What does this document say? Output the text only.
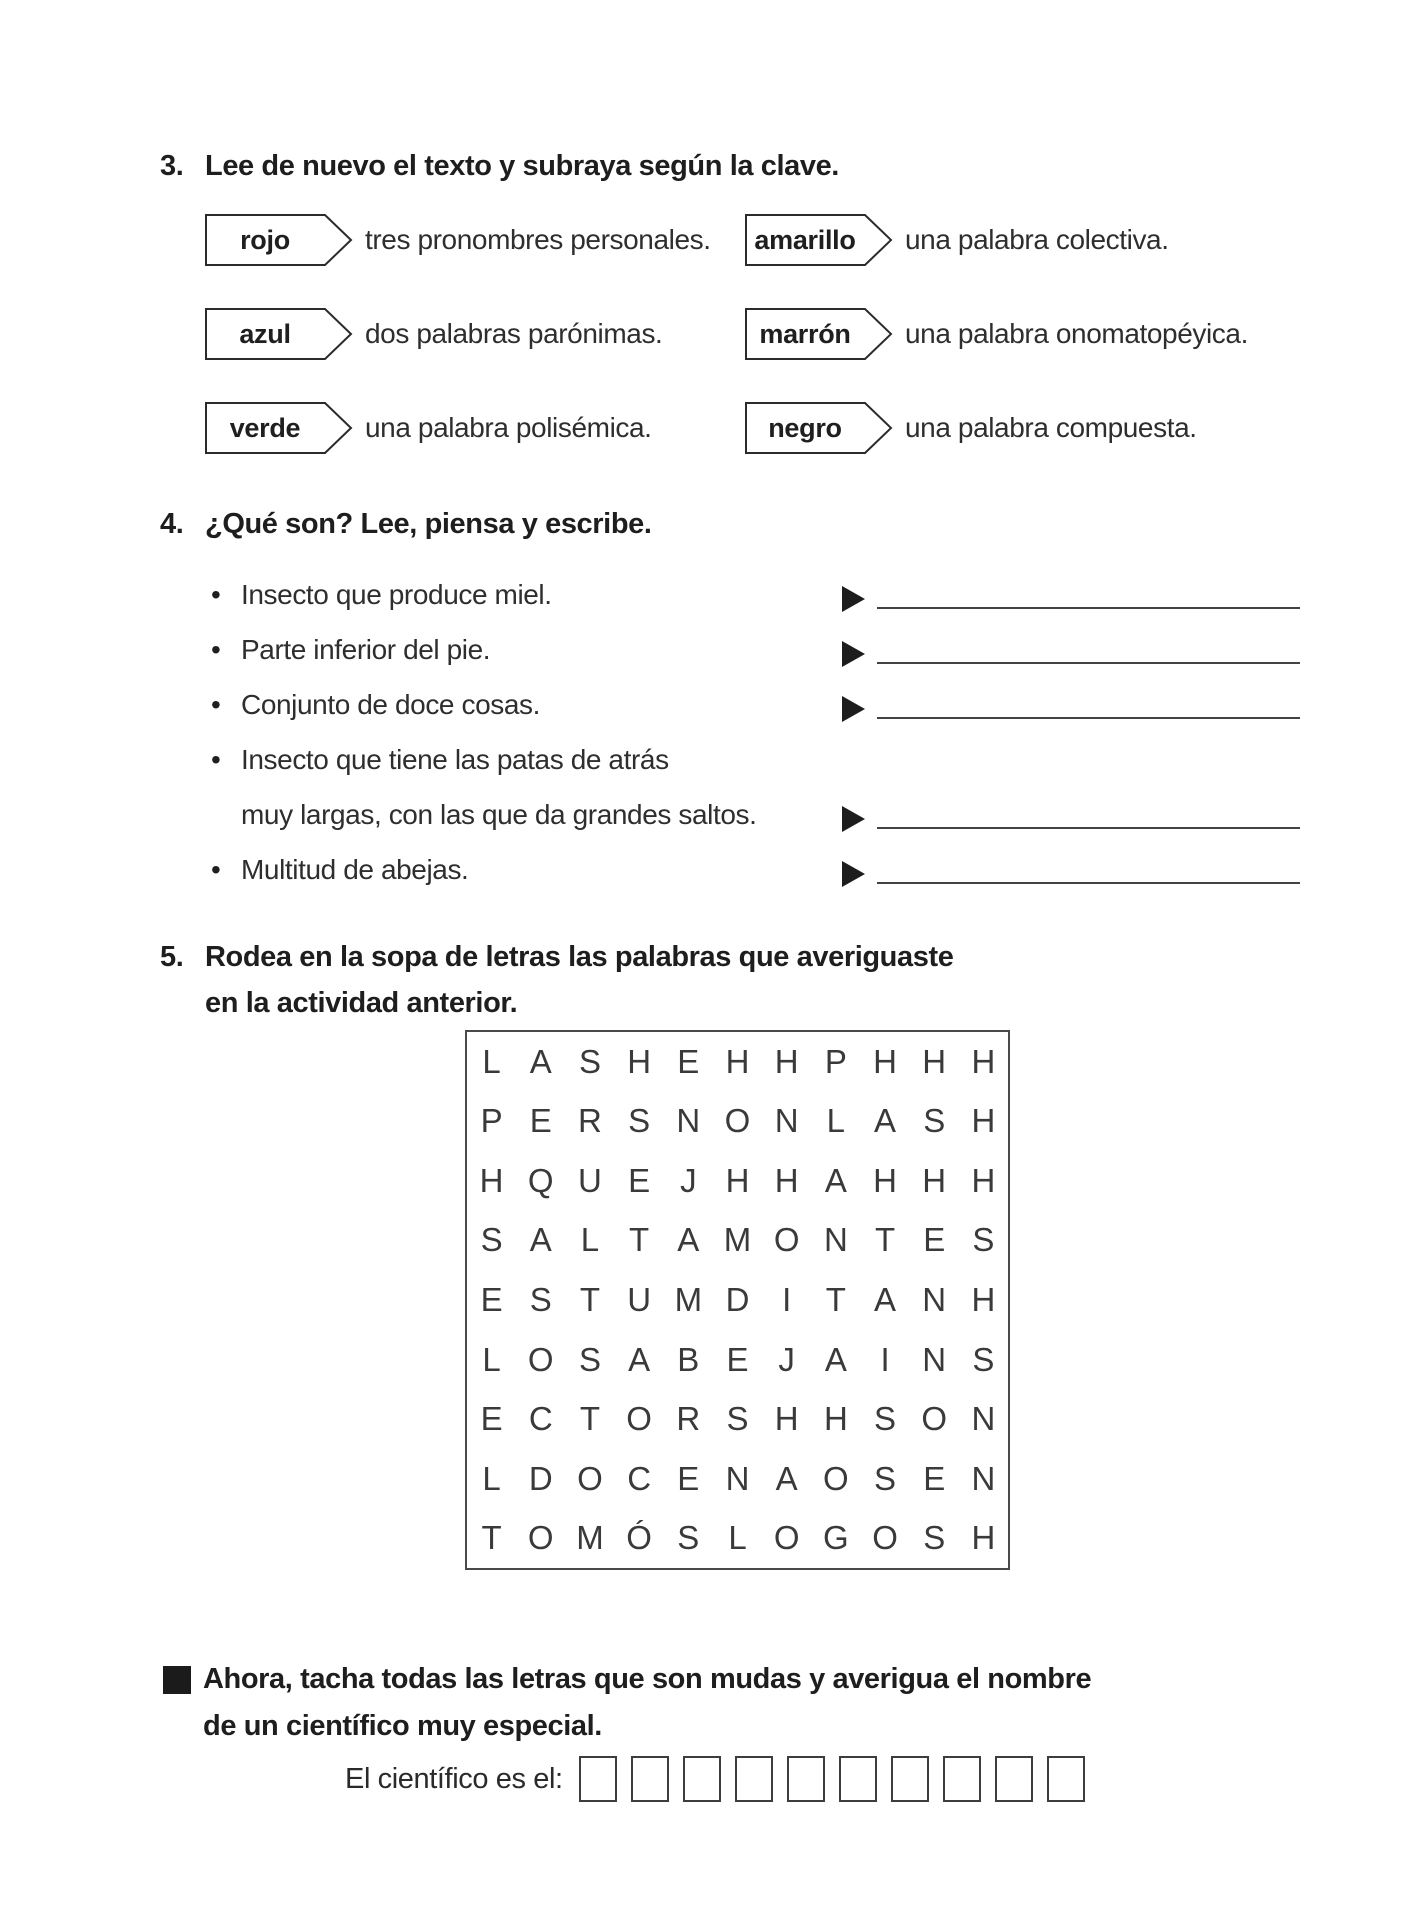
3. Lee de nuevo el texto y subraya según la clave.
rojo	tres pronombres personales.	amarillo	una palabra colectiva.
azul	dos palabras parónimas.	marrón	una palabra onomatopéyica.
verde	una palabra polisémica.	negro	una palabra compuesta.
4. ¿Qué son? Lee, piensa y escribe.
• Insecto que produce miel.
• Parte inferior del pie.
• Conjunto de doce cosas.
• Insecto que tiene las patas de atrás
muy largas, con las que da grandes saltos.
• Multitud de abejas.
5. Rodea en la sopa de letras las palabras que averiguaste
en la actividad anterior.
L A S H E H H P H H H
P E R S N O N L A S H
H Q U E J H H A H H H
S A L T A M O N T E S
E S T U M D I	T A N H
L O S A B E J A	I N S
E C T O R S H H S O N
L D O C E N A O S E N
T O M Ó S L O G O S H
Ahora, tacha todas las letras que son mudas y averigua el nombre
de un científico muy especial.
El científico es el:
